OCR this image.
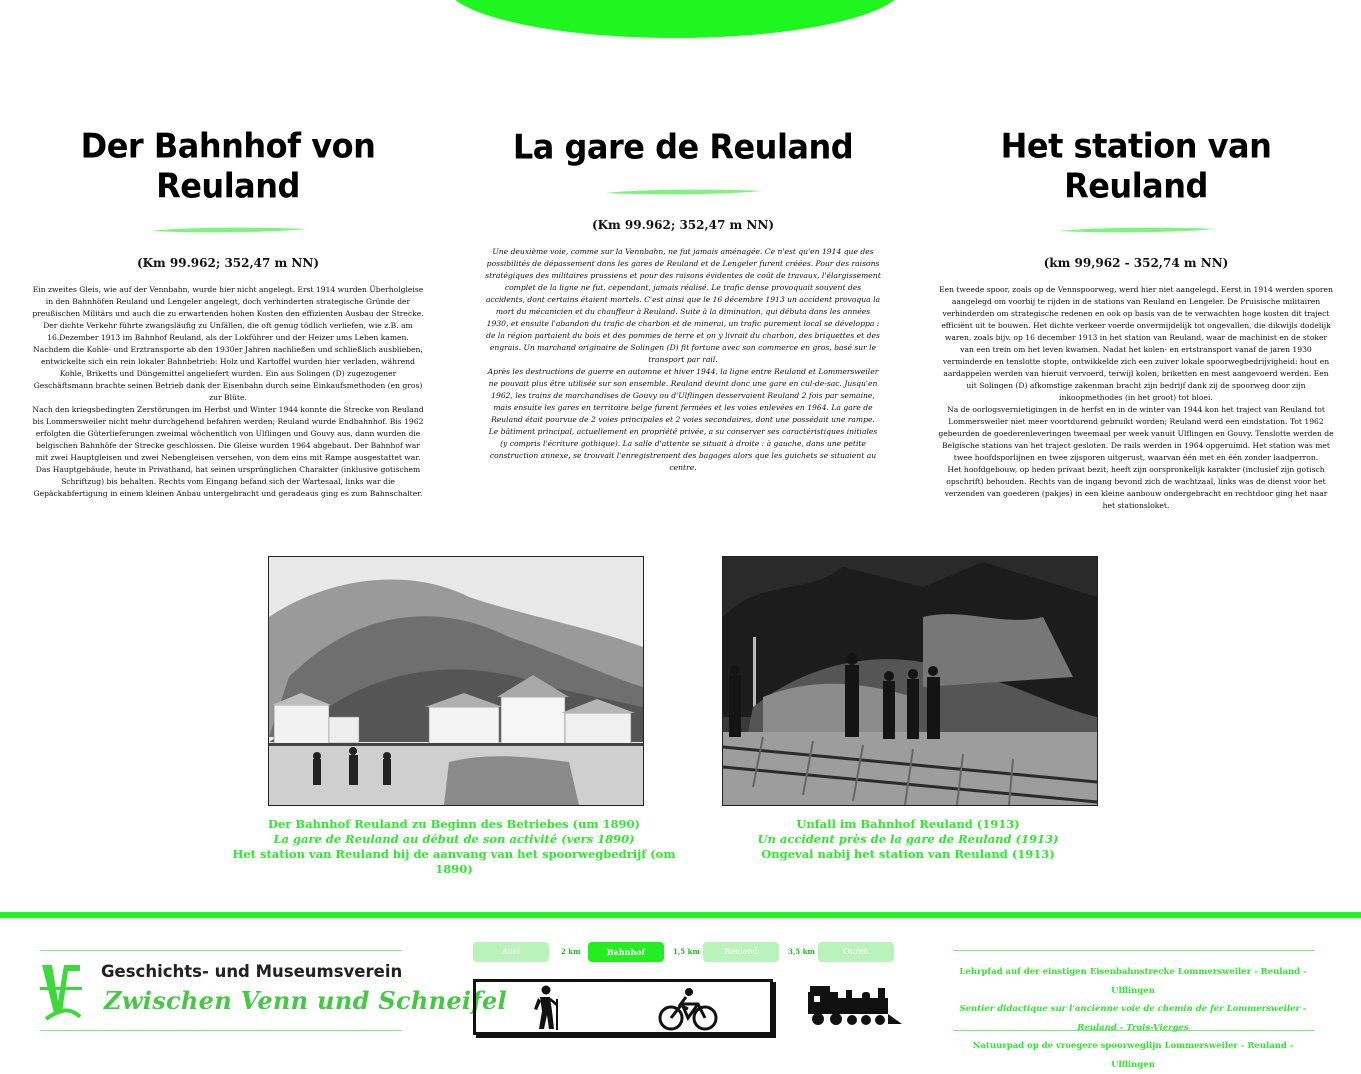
Der Bahnhof von Reuland
(Km 99.962; 352,47 m NN)

Ein zweites Gleis, wie auf der Vennbahn, wurde hier nicht angelegt. Erst 1914 wurden Überholgleise in den Bahnhöfen Reuland und Lengeler angelegt, doch verhinderten strategische Gründe der preußischen Militärs und auch die zu erwartenden hohen Kosten den effizienten Ausbau der Strecke. Der dichte Verkehr führte zwangsläufig zu Unfällen, die oft genug tödlich verliefen, wie z.B. am 16.Dezember 1913 im Bahnhof Reuland, als der Lokführer und der Heizer ums Leben kamen. Nachdem die Kohle- und Erztransporte ab den 1930er Jahren nachließen und schließlich ausblieben, entwickelte sich ein rein lokaler Bahnbetrieb: Holz und Kartoffel wurden hier verladen, während Kohle, Briketts und Düngemittel angeliefert wurden. Ein aus Solingen (D) zugezogener Geschäftsmann brachte seinen Betrieb dank der Eisenbahn durch seine Einkaufsmethoden (en gros) zur Blüte.

Nach den kriegsbedingten Zerstörungen im Herbst und Winter 1944 konnte die Strecke von Reuland bis Lommersweiler nicht mehr durchgehend befahren werden; Reuland wurde Endbahnhof. Bis 1962 erfolgten die Güterlieferungen zweimal wöchentlich von Ulflingen und Gouvy aus, dann wurden die belgischen Bahnhöfe der Strecke geschlossen. Die Gleise wurden 1964 abgebaut. Der Bahnhof war mit zwei Hauptgleisen und zwei Nebengleisen versehen, von dem eins mit Rampe ausgestattet war.

Das Hauptgebäude, heute in Privathand, hat seinen ursprünglichen Charakter (inklusive gotischem Schriftzug) bis behalten. Rechts vom Eingang befand sich der Wartesaal, links war die Gepäckabfertigung in einem kleinen Anbau untergebracht und geradeaus ging es zum Bahnschalter.

La gare de Reuland
(Km 99.962; 352,47 m NN)

Une deuxième voie, comme sur la Vennbahn, ne fut jamais aménagée. Ce n'est qu'en 1914 que des possibilités de dépassement dans les gares de Reuland et de Lengeler furent créées. Pour des raisons stratégiques des militaires prussiens et pour des raisons évidentes de coût de travaux, l'élargissement complet de la ligne ne fut, cependant, jamais réalisé. Le trafic dense provoquait souvent des accidents, dont certains étaient mortels. C'est ainsi que le 16 décembre 1913 un accident provoqua la mort du mécanicien et du chauffeur à Reuland. Suite à la diminution, qui débuta dans les années 1930, et ensuite l'abandon du trafic de charbon et de minerai, un trafic purement local se développa : de la région partaient du bois et des pommes de terre et on y livrait du charbon, des briquettes et des engrais. Un marchand originaire de Solingen (D) fit fortune avec son commerce en gros, basé sur le transport par rail.

Après les destructions de guerre en automne et hiver 1944, la ligne entre Reuland et Lommersweiler ne pouvait plus être utilisée sur son ensemble. Reuland devint donc une gare en cul-de-sac. Jusqu'en 1962, les trains de marchandises de Gouvy ou d'Ulflingen desservaient Reuland 2 fois par semaine, mais ensuite les gares en territoire belge furent fermées et les voies enlevées en 1964. La gare de Reuland était pourvue de 2 voies principales et 2 voies secondaires, dont une possédait une rampe.

Le bâtiment principal, actuellement en propriété privée, a su conserver ses caractéristiques initiales (y compris l'écriture gothique). La salle d'attente se situait à droite : à gauche, dans une petite construction annexe, se trouvait l'enregistrement des bagages alors que les guichets se situaient au centre.

Het station van Reuland
(km 99,962 - 352,74 m NN)

Een tweede spoor, zoals op de Vennspoorweg, werd hier niet aangelegd. Eerst in 1914 werden sporen aangelegd om voorbij te rijden in de stations van Reuland en Lengeler. De Pruisische militairen verhinderden om strategische redenen en ook op basis van de te verwachten hoge kosten dit traject efficiënt uit te bouwen. Het dichte verkeer voerde onvermijdelijk tot ongevallen, die dikwijls dodelijk waren, zoals bijv. op 16 december 1913 in het station van Reuland, waar de machinist en de stoker van een trein om het leven kwamen. Nadat het kolen- en ertstransport vanaf de jaren 1930 verminderde en tenslotte stopte, ontwikkelde zich een zuiver lokale spoorwegbedrijvigheid: hout en aardappelen werden van hieruit vervoerd, terwijl kolen, briketten en mest aangevoerd werden. Een uit Solingen (D) afkomstige zakenman bracht zijn bedrijf dank zij de spoorweg door zijn inkoopmethodes (in het groot) tot bloei.

Na de oorlogsvernietigingen in de herfst en in de winter van 1944 kon het traject van Reuland tot Lommersweiler niet meer voortdurend gebruikt worden; Reuland werd een eindstation. Tot 1962 gebeurden de goederenleveringen tweemaal per week vanuit Ulflingen en Gouvy. Tenslotte werden de Belgische stations van het traject gesloten. De rails werden in 1964 opgeruimd. Het station was met twee hoofdsporlijnen en twee zijsporen uitgerust, waarvan één met en één zonder laadperron.

Het hoofdgebouw, op heden privaat bezit, heeft zijn oorspronkelijk karakter (inclusief zijn gotisch opschrift) behouden. Rechts van de ingang bevond zich de wachtzaal, links was de dienst voor het verzenden van goederen (pakjes) in een kleine aanbouw ondergebracht en rechtdoor ging het naar het stationsloket.

Der Bahnhof Reuland zu Beginn des Betriebes (um 1890)
La gare de Reuland au début de son activité (vers 1890)
Het station van Reuland bij de aanvang van het spoorwegbedrijf (om 1890)
Unfall im Bahnhof Reuland (1913)
Un accident près de la gare de Reuland (1913)
Ongeval nabij het station van Reuland (1913)
Geschichts- und Museumsverein
Zwischen Venn und Schneifel
Auel	2 km	Bahnhof Reuland
1,5 km	Reuland	3,5 km	Ouren
Lehrpfad auf der einstigen Eisenbahnstrecke Lommersweiler - Reuland - Ulflingen
Sentier didactique sur l'ancienne voie de chemin de fer Lommersweiler - Reuland - Trois-Vierges
Natuurpad op de vroegere spoorweglijn Lommersweiler - Reuland - Ulflingen
